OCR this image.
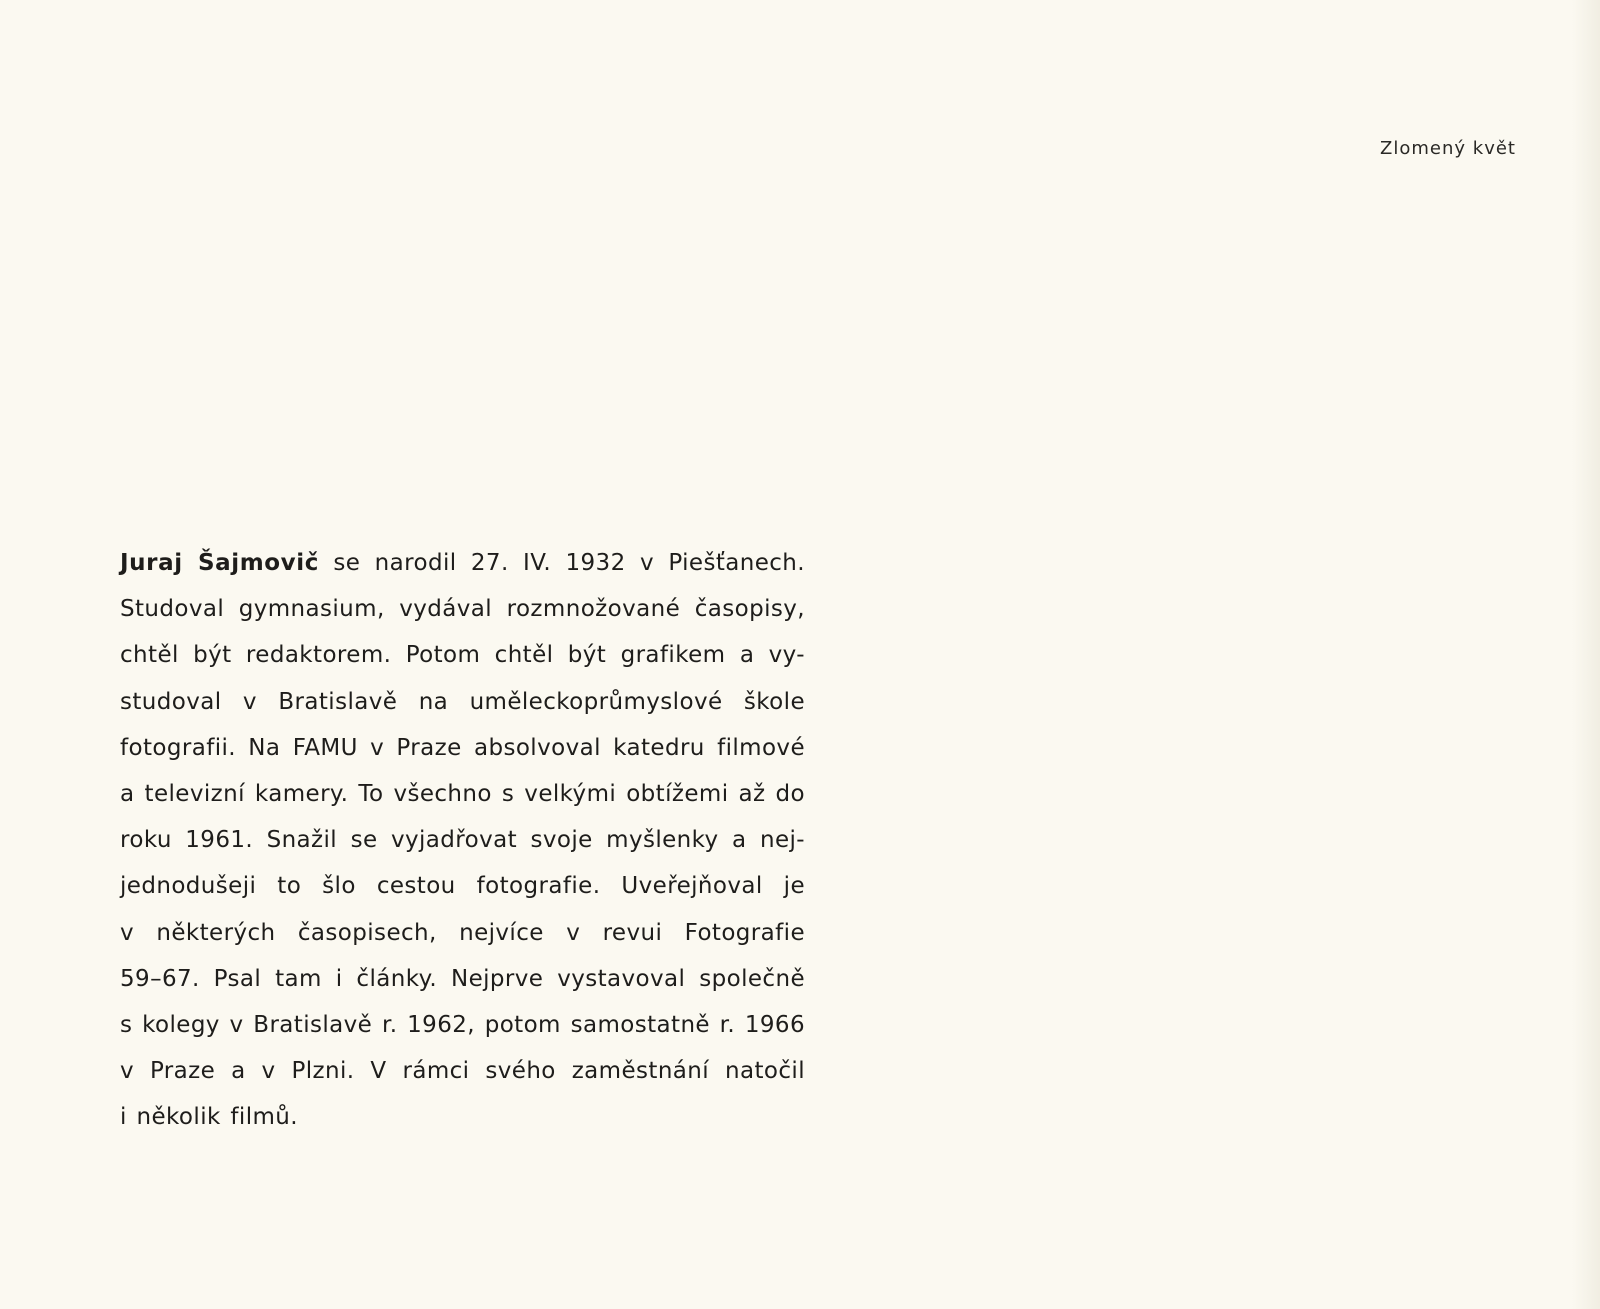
Zlomený květ
Juraj Šajmovič se narodil 27. IV. 1932 v Piešťanech.
Studoval gymnasium, vydával rozmnožované časopisy,
chtěl být redaktorem. Potom chtěl být grafikem a vy-
studoval v Bratislavě na uměleckoprůmyslové škole
fotografii. Na FAMU v Praze absolvoval katedru filmové
a televizní kamery. To všechno s velkými obtížemi až do
roku 1961. Snažil se vyjadřovat svoje myšlenky a nej-
jednodušeji to šlo cestou fotografie. Uveřejňoval je
v některých časopisech, nejvíce v revui Fotografie
59–67. Psal tam i články. Nejprve vystavoval společně
s kolegy v Bratislavě r. 1962, potom samostatně r. 1966
v Praze a v Plzni. V rámci svého zaměstnání natočil
i několik filmů.
